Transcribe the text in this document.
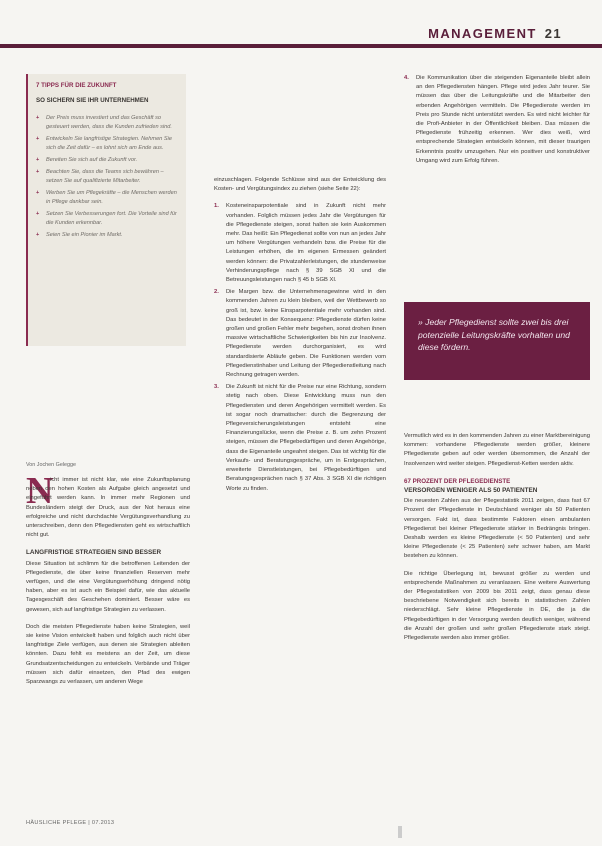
MANAGEMENT 21
7 TIPPS FÜR DIE ZUKUNFT
SO SICHERN SIE IHR UNTERNEHMEN
+ Der Preis muss investiert und das Geschäft so gesteuert werden, dass die Kunden zufrieden sind.
+ Entwickeln Sie langfristige Strategien. Nehmen Sie sich die Zeit dafür – es lohnt sich am Ende aus.
+ Bereiten Sie sich auf die Zukunft vor.
+ Beachten Sie, dass die Teams sich bewähren – setzen Sie auf qualifizierte Mitarbeiter.
+ Werben Sie um Pflegekräfte – die Menschen werden in Pflege dankbar sein.
+ Setzen Sie Verbesserungen fort. Die Vorteile sind für die Kunden erkennbar.
+ Seien Sie ein Pionier im Markt.
Von Jochen Gelegge
N

icht immer ist nicht klar, wie eine Zukunftsplanung neben den hohen Kosten als Aufgabe gleich angesetzt und eingeführt werden kann. In immer mehr Regionen und Bundesländern steigt der Druck, aus der Not heraus eine erfolgreiche und nicht durchdachte Vergütungsverhandlung zu unterschreiben, denn den Pflegediensten geht es wirtschaftlich nicht gut.

LANGFRISTIGE STRATEGIEN SIND BESSER

Diese Situation ist schlimm für die betroffenen Leitenden der Pflegedienste, die über keine finanziellen Reserven mehr verfügen, und die eine Vergütungserhöhung dringend nötig haben, aber es ist auch ein Beispiel dafür, wie das aktuelle Tagesgeschäft des Geschehen dominiert. Besser wäre es gewesen, sich auf langfristige Strategien zu verlassen.

Doch die meisten Pflegedienste haben keine Strategien, weil sie keine Vision entwickelt haben und folglich auch nicht über langfristige Ziele verfügen, aus denen sie Strategien ableiten könnten. Dazu fehlt es meistens an der Zeit, um diese Grundsatzentscheidungen zu entwickeln. Verbände und Träger müssen sich dafür einsetzen, den Pfad des ewigen Sparzwangs zu verlassen, um anderen Wege

einzuschlagen. Folgende Schlüsse sind aus der Entwicklung des Kosten- und Vergütungsindex zu ziehen (siehe Seite 22):

1. Kosteneinsparpotentiale sind in Zukunft nicht mehr vorhanden. Folglich müssen jedes Jahr die Vergütungen für die Pflegedienste steigen, sonst halten sie kein Auskommen mehr. Das heißt: Ein Pflegedienst sollte von nun an jedes Jahr um höhere Vergütungen verhandeln bzw. die Preise für die Leistungen erhöhen, die im eigenen Ermessen geändert werden können: die Privatzahlerleistungen, die stundenweise Verhinderungspflege nach § 39 SGB XI und die Betreuungsleistungen nach § 45 b SGB XI.
2. Die Margen bzw. die Unternehmensgewinne wird in den kommenden Jahren zu klein bleiben, weil der Wettbewerb so groß ist, bzw. keine Einsparpotentiale mehr vorhanden sind. Das bedeutet in der Konsequenz: Pflegedienste dürfen keine großen und großen Fehler mehr begehen, sonst drohen ihnen massive wirtschaftliche Schwierigkeiten bis hin zur Insolvenz. Pflegedienste werden durchorganisiert, es wird standardisierte Abläufe geben. Die Funktionen werden vom Pflegedienstinhaber und Leitung der Pflegedienstleitung nach Rechnung getragen werden.
3. Die Zukunft ist nicht für die Preise nur eine Richtung, sondern stetig nach oben. Diese Entwicklung muss nun den Pflegediensten und deren Angehörigen vermittelt werden. Es ist sogar noch dramatischer: durch die Begrenzung der Pflegeversicherungsleistungen entsteht eine Finanzierungslücke, wenn die Preise z. B. um zehn Prozent steigen, müssen die Pflegebedürftigen und deren Angehörige, dass die Eigenanteile ungeahnt steigen. Das ist wichtig für die Verkaufs- und Beratungsgespräche, um in Erstgesprächen, erweiterte Dienstleistungen, bei Pflegebedürftigen und Beratungsgesprächen nach § 37 Abs. 3 SGB XI die richtigen Worte zu finden.
4. Die Kommunikation über die steigenden Eigenanteile bleibt allein an den Pflegediensten hängen. Pflege wird jedes Jahr teurer. Sie müssen das über die Leitungskräfte und die Mitarbeiter den erbenden Angehörigen vermitteln. Die Pflegedienste werden im Preis pro Stunde nicht unterstützt werden. Es wird nicht leichter für die Profi-Anbieter in der Öffentlichkeit bleiben. Das müssen die Pflegedienste frühzeitig erkennen. Wer dies weiß, wird entsprechende Strategien entwickeln können, mit dieser traurigen Erkenntnis positiv umzugehen. Nur ein positiver und konstruktiver Umgang wird zum Erfolg führen.
» Jeder Pflegedienst sollte zwei bis drei potenzielle Leitungskräfte vorhalten und diese fördern.

Vermutlich wird es in den kommenden Jahren zu einer Marktbereinigung kommen: vorhandene Pflegedienste werden größer, kleinere Pflegedienste geben auf oder werden übernommen, die Anzahl der Insolvenzen wird weiter steigen. Pflegedienst-Ketten werden aktiv.

67 PROZENT DER PFLEGEDIENSTE
VERSORGEN WENIGER ALS 50 PATIENTEN

Die neuesten Zahlen aus der Pflegestatistik 2011 zeigen, dass fast 67 Prozent der Pflegedienste in Deutschland weniger als 50 Patienten versorgen. Fakt ist, dass bestimmte Faktoren einen ambulanten Pflegedienst bei kleiner Pflegedienste stärker in Bedrängnis bringen. Deshalb werden es kleine Pflegedienste (< 50 Patienten) und sehr kleine Pflegedienste (< 25 Patienten) sehr schwer haben, am Markt bestehen zu können.

Die richtige Überlegung ist, bewusst größer zu werden und entsprechende Maßnahmen zu veranlassen. Eine weitere Auswertung der Pflegestatistiken von 2009 bis 2011 zeigt, dass genau diese beschriebene Notwendigkeit sich bereits in statistischen Zahlen niederschlägt. Sehr kleine Pflegedienste in DE, die ja die Pflegebedürftigen in der Versorgung werden deutlich weniger, während die Anzahl der großen und sehr großen Pflegedienste stark steigt. Pflegedienste werden also immer größer.

HÄUSLICHE PFLEGE | 07.2013
